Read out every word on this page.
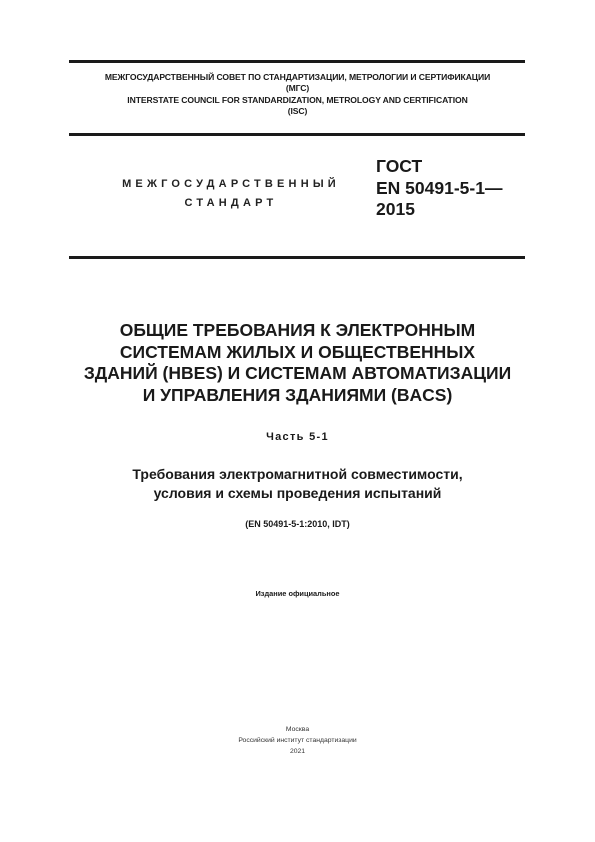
МЕЖГОСУДАРСТВЕННЫЙ СОВЕТ ПО СТАНДАРТИЗАЦИИ, МЕТРОЛОГИИ И СЕРТИФИКАЦИИ
(МГС)
INTERSTATE COUNCIL FOR STANDARDIZATION, METROLOGY AND CERTIFICATION
(ISC)
МЕЖГОСУДАРСТВЕННЫЙ
СТАНДАРТ
ГОСТ
EN 50491-5-1—
2015
ОБЩИЕ ТРЕБОВАНИЯ К ЭЛЕКТРОННЫМ
СИСТЕМАМ ЖИЛЫХ И ОБЩЕСТВЕННЫХ
ЗДАНИЙ (HBES) И СИСТЕМАМ АВТОМАТИЗАЦИИ
И УПРАВЛЕНИЯ ЗДАНИЯМИ (BACS)
Часть 5-1
Требования электромагнитной совместимости,
условия и схемы проведения испытаний
(EN 50491-5-1:2010, IDT)
Издание официальное
Москва
Российский институт стандартизации
2021
